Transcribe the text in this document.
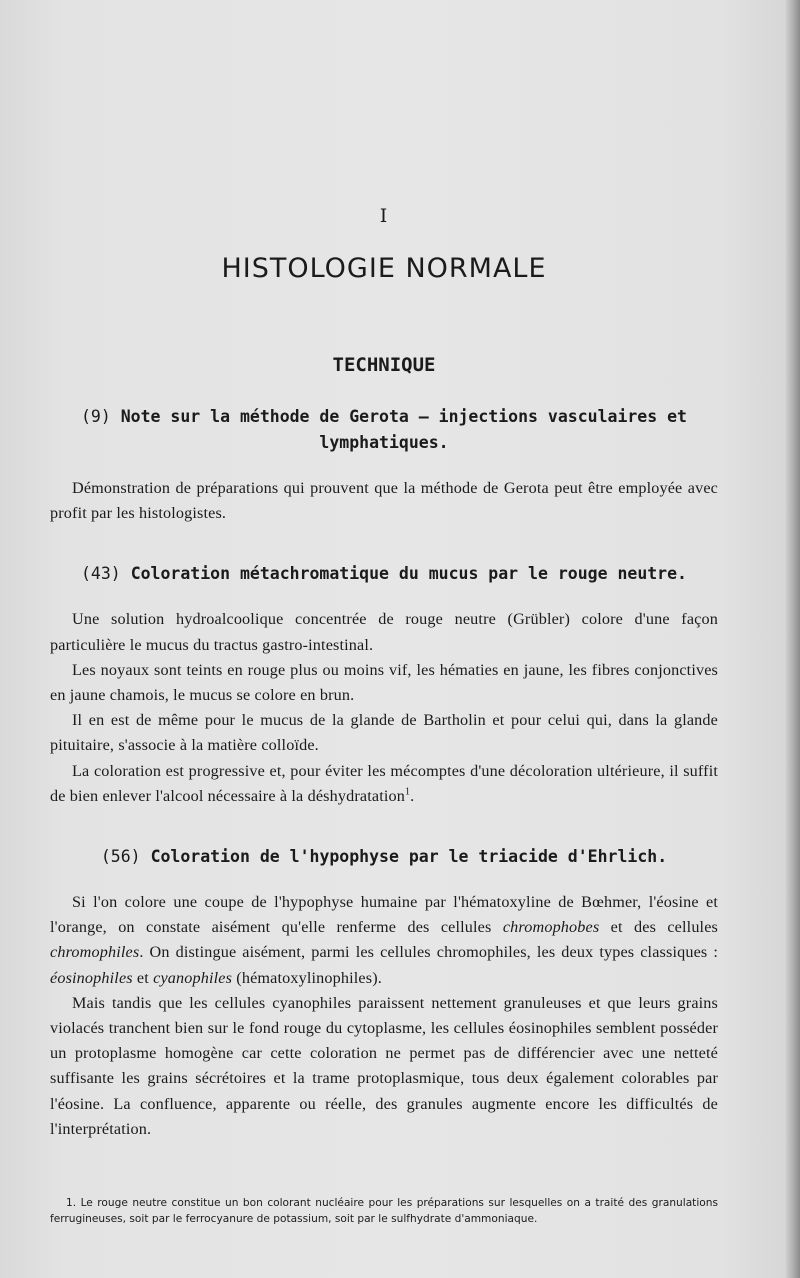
I
HISTOLOGIE NORMALE
TECHNIQUE
(9) Note sur la méthode de Gerota — injections vasculaires et lymphatiques.

Démonstration de préparations qui prouvent que la méthode de Gerota peut être employée avec profit par les histologistes.

(43) Coloration métachromatique du mucus par le rouge neutre.

Une solution hydroalcoolique concentrée de rouge neutre (Grübler) colore d'une façon particulière le mucus du tractus gastro-intestinal.

Les noyaux sont teints en rouge plus ou moins vif, les hématies en jaune, les fibres conjonctives en jaune chamois, le mucus se colore en brun.

Il en est de même pour le mucus de la glande de Bartholin et pour celui qui, dans la glande pituitaire, s'associe à la matière colloïde.

La coloration est progressive et, pour éviter les mécomptes d'une décoloration ultérieure, il suffit de bien enlever l'alcool nécessaire à la déshydratation$^1$.

(56) Coloration de l'hypophyse par le triacide d'Ehrlich.

Si l'on colore une coupe de l'hypophyse humaine par l'hématoxyline de Bœhmer, l'éosine et l'orange, on constate aisément qu'elle renferme des cellules chromophobes et des cellules chromophiles. On distingue aisément, parmi les cellules chromophiles, les deux types classiques : éosinophiles et cyanophiles (hématoxylinophiles).

Mais tandis que les cellules cyanophiles paraissent nettement granuleuses et que leurs grains violacés tranchent bien sur le fond rouge du cytoplasme, les cellules éosinophiles semblent posséder un protoplasme homogène car cette coloration ne permet pas de différencier avec une netteté suffisante les grains sécrétoires et la trame protoplasmique, tous deux également colorables par l'éosine. La confluence, apparente ou réelle, des granules augmente encore les difficultés de l'interprétation.

1. Le rouge neutre constitue un bon colorant nucléaire pour les préparations sur lesquelles on a traité des granulations ferrugineuses, soit par le ferrocyanure de potassium, soit par le sulfhydrate d'ammoniaque.
